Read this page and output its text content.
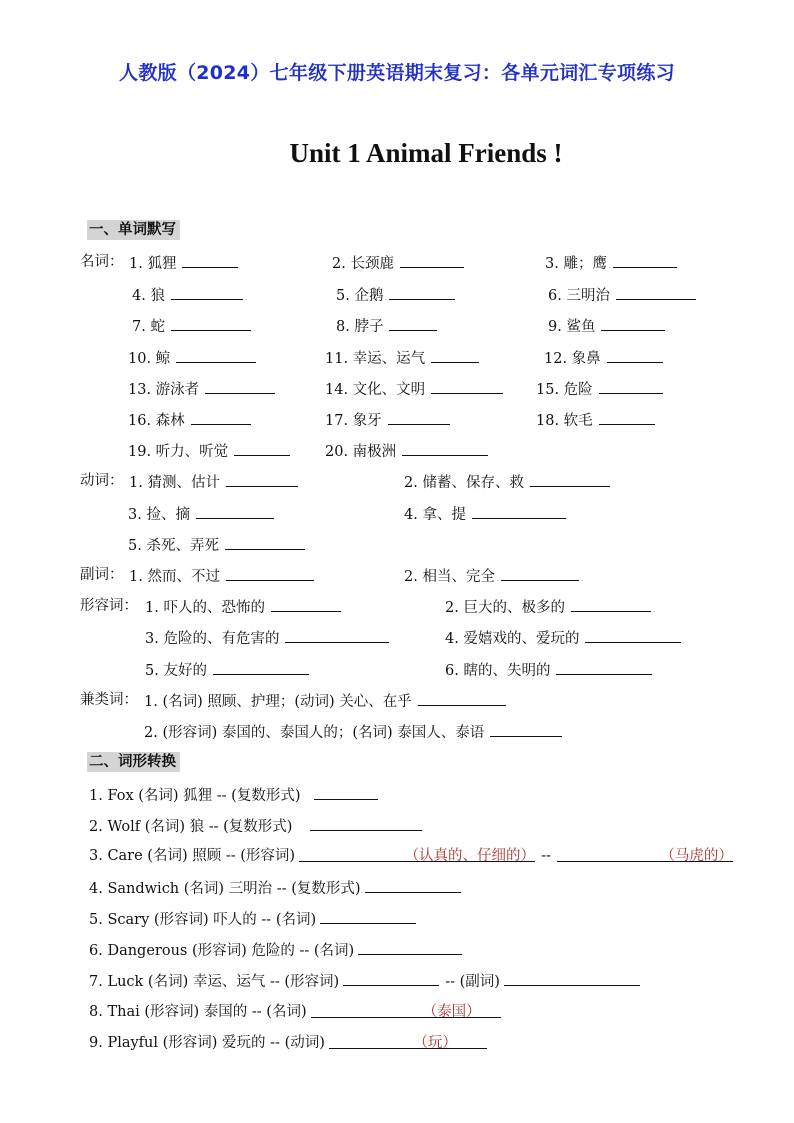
人教版（2024）七年级下册英语期末复习：各单元词汇专项练习
Unit 1 Animal Friends !
一、单词默写
名词： 1. 狐狸	2. 长颈鹿	3. 雕；鹰
4. 狼	5. 企鹅	6. 三明治
7. 蛇	8. 脖子	9. 鲨鱼
10. 鲸	11. 幸运、运气	12. 象鼻
13. 游泳者	14. 文化、文明	15. 危险
16. 森林	17. 象牙	18. 软毛
19. 听力、听觉	20. 南极洲
动词： 1. 猜测、估计	2. 储蓄、保存、救
3. 捡、摘	4. 拿、提
5. 杀死、弄死
副词： 1. 然而、不过	2. 相当、完全
形容词： 1. 吓人的、恐怖的	2. 巨大的、极多的
3. 危险的、有危害的	4. 爱嬉戏的、爱玩的
5. 友好的	6. 瞎的、失明的
兼类词： 1. (名词) 照顾、护理；(动词) 关心、在乎
2. (形容词) 泰国的、泰国人的；(名词) 泰国人、泰语
二、词形转换
1. Fox (名词) 狐狸 -- (复数形式)
2. Wolf (名词) 狼 -- (复数形式)
3. Care (名词) 照顾 -- (形容词)	（认真的、仔细的） --	（马虎的）
4. Sandwich (名词) 三明治 -- (复数形式)
5. Scary (形容词) 吓人的 -- (名词)
6. Dangerous (形容词) 危险的 -- (名词)
7. Luck (名词) 幸运、运气 -- (形容词)	-- (副词)
8. Thai (形容词) 泰国的 -- (名词)	（泰国）
9. Playful (形容词) 爱玩的 -- (动词)	（玩）
